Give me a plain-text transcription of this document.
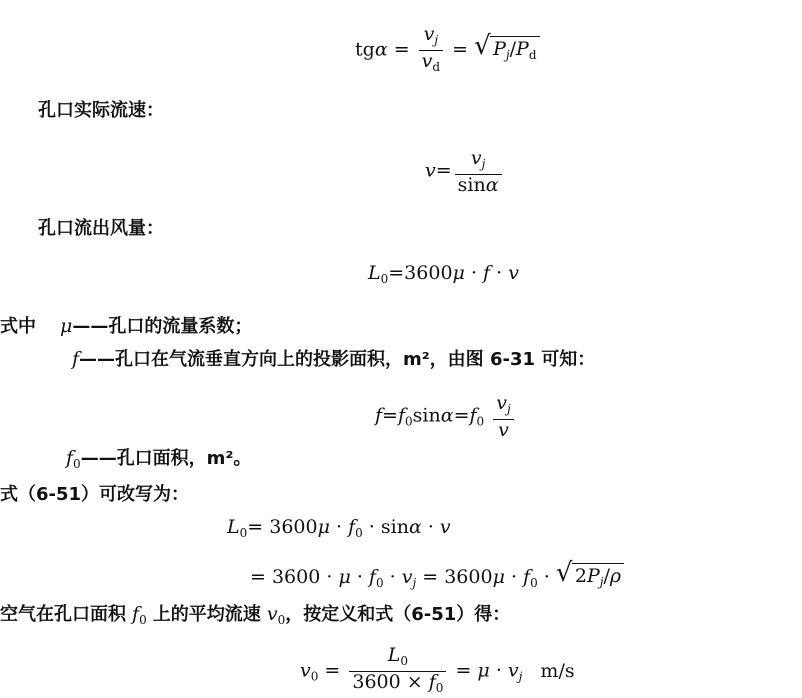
$tg\alpha = \frac{v_j}{v_d}$ = √ $P_j/P_d$
孔口实际流速：
$v= \frac{v_j}{\sin\alpha}$
孔口流出风量：
$L_0=3600\mu \cdot f \cdot v$
式中 μ——孔口的流量系数；
f——孔口在气流垂直方向上的投影面积，m²，由图 6-31 可知：
$f=f_0\sin\alpha=f_0 \frac{v_j}{v}$
$f_0——$孔口面积，m²。
式（6-51）可改写为：
$L_0= 3600\mu \cdot f_0 \cdot \sin\alpha \cdot v$
= $3600 \cdot \mu \cdot f_0 \cdot v_j = 3600\mu \cdot f_0$ · √ $2P_j/\rho$
空气在孔口面积 $f_0$ 上的平均流速 $v_0$，按定义和式（6-51）得：
$v_0 = \frac{L_0}{3600 \times f_0} = \mu \cdot v_j$ m/s
